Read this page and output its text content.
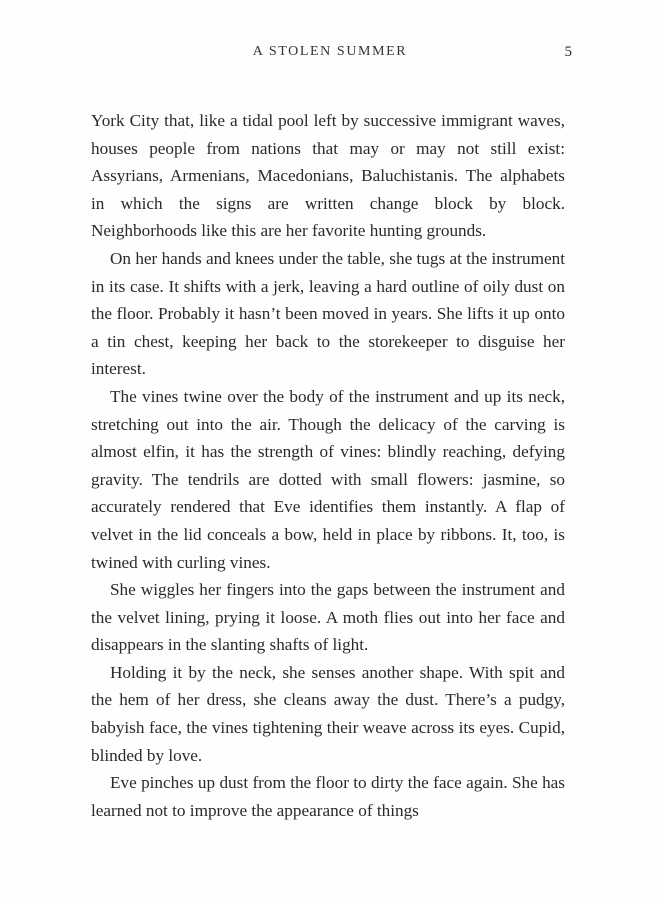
A STOLEN SUMMER	5

York City that, like a tidal pool left by successive immigrant waves, houses people from nations that may or may not still exist: Assyrians, Armenians, Macedonians, Baluchistanis. The alphabets in which the signs are written change block by block. Neighborhoods like this are her favorite hunting grounds.

On her hands and knees under the table, she tugs at the instrument in its case. It shifts with a jerk, leaving a hard outline of oily dust on the floor. Probably it hasn’t been moved in years. She lifts it up onto a tin chest, keeping her back to the storekeeper to disguise her interest.

The vines twine over the body of the instrument and up its neck, stretching out into the air. Though the delicacy of the carving is almost elfin, it has the strength of vines: blindly reaching, defying gravity. The tendrils are dotted with small flowers: jasmine, so accurately rendered that Eve identifies them instantly. A flap of velvet in the lid conceals a bow, held in place by ribbons. It, too, is twined with curling vines.

She wiggles her fingers into the gaps between the instrument and the velvet lining, prying it loose. A moth flies out into her face and disappears in the slanting shafts of light.

Holding it by the neck, she senses another shape. With spit and the hem of her dress, she cleans away the dust. There’s a pudgy, babyish face, the vines tightening their weave across its eyes. Cupid, blinded by love.

Eve pinches up dust from the floor to dirty the face again. She has learned not to improve the appearance of things
